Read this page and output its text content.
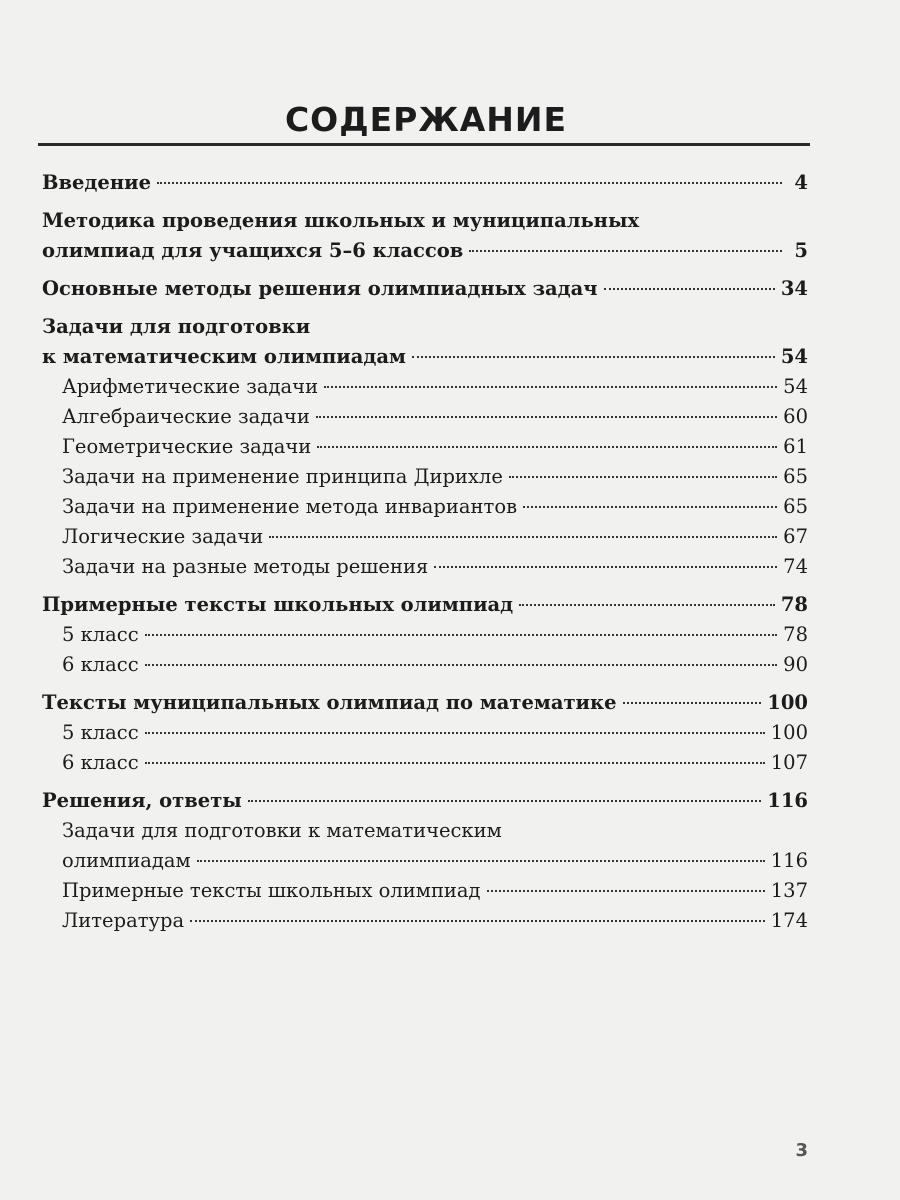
СОДЕРЖАНИЕ
Введение	4
Методика проведения школьных и муниципальных
олимпиад для учащихся 5–6 классов	5
Основные методы решения олимпиадных задач	34
Задачи для подготовки
к математическим олимпиадам	54
Арифметические задачи	54
Алгебраические задачи	60
Геометрические задачи	61
Задачи на применение принципа Дирихле	65
Задачи на применение метода инвариантов	65
Логические задачи	67
Задачи на разные методы решения	74
Примерные тексты школьных олимпиад	78
5 класс	78
6 класс	90
Тексты муниципальных олимпиад по математике	100
5 класс	100
6 класс	107
Решения, ответы	116
Задачи для подготовки к математическим
олимпиадам	116
Примерные тексты школьных олимпиад	137
Литература	174
3
